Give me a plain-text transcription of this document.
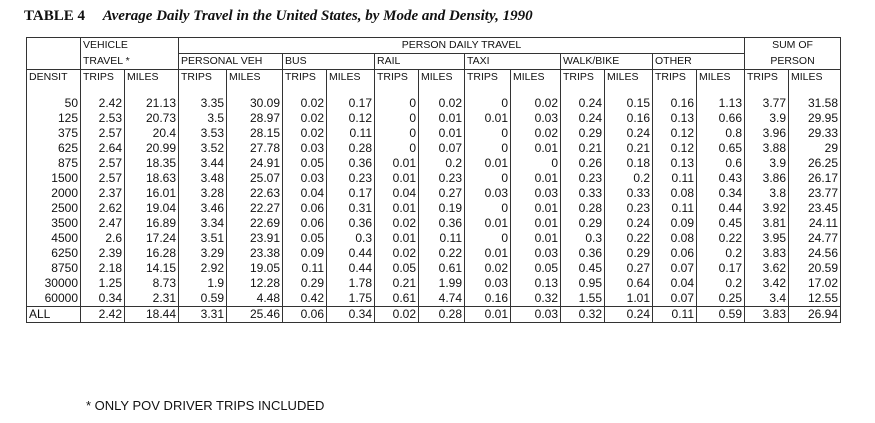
TABLE 4 Average Daily Travel in the United States, by Mode and Density, 1990
	VEHICLE		PERSON DAILY TRAVEL												SUM OF	
	TRAVEL *		PERSONAL VEH		BUS		RAIL		TAXI		WALK/BIKE		OTHER		PERSON	
DENSIT	TRIPS	MILES	TRIPS	MILES	TRIPS	MILES	TRIPS	MILES	TRIPS	MILES	TRIPS	MILES	TRIPS	MILES	TRIPS	MILES

50	2.42	21.13	3.35	30.09	0.02	0.17	0	0.02	0	0.02	0.24	0.15	0.16	1.13	3.77	31.58
125	2.53	20.73	3.5	28.97	0.02	0.12	0	0.01	0.01	0.03	0.24	0.16	0.13	0.66	3.9	29.95
375	2.57	20.4	3.53	28.15	0.02	0.11	0	0.01	0	0.02	0.29	0.24	0.12	0.8	3.96	29.33
625	2.64	20.99	3.52	27.78	0.03	0.28	0	0.07	0	0.01	0.21	0.21	0.12	0.65	3.88	29
875	2.57	18.35	3.44	24.91	0.05	0.36	0.01	0.2	0.01	0	0.26	0.18	0.13	0.6	3.9	26.25
1500	2.57	18.63	3.48	25.07	0.03	0.23	0.01	0.23	0	0.01	0.23	0.2	0.11	0.43	3.86	26.17
2000	2.37	16.01	3.28	22.63	0.04	0.17	0.04	0.27	0.03	0.03	0.33	0.33	0.08	0.34	3.8	23.77
2500	2.62	19.04	3.46	22.27	0.06	0.31	0.01	0.19	0	0.01	0.28	0.23	0.11	0.44	3.92	23.45
3500	2.47	16.89	3.34	22.69	0.06	0.36	0.02	0.36	0.01	0.01	0.29	0.24	0.09	0.45	3.81	24.11
4500	2.6	17.24	3.51	23.91	0.05	0.3	0.01	0.11	0	0.01	0.3	0.22	0.08	0.22	3.95	24.77
6250	2.39	16.28	3.29	23.38	0.09	0.44	0.02	0.22	0.01	0.03	0.36	0.29	0.06	0.2	3.83	24.56
8750	2.18	14.15	2.92	19.05	0.11	0.44	0.05	0.61	0.02	0.05	0.45	0.27	0.07	0.17	3.62	20.59
30000	1.25	8.73	1.9	12.28	0.29	1.78	0.21	1.99	0.03	0.13	0.95	0.64	0.04	0.2	3.42	17.02
60000	0.34	2.31	0.59	4.48	0.42	1.75	0.61	4.74	0.16	0.32	1.55	1.01	0.07	0.25	3.4	12.55
ALL	2.42	18.44	3.31	25.46	0.06	0.34	0.02	0.28	0.01	0.03	0.32	0.24	0.11	0.59	3.83	26.94
* ONLY POV DRIVER TRIPS INCLUDED
